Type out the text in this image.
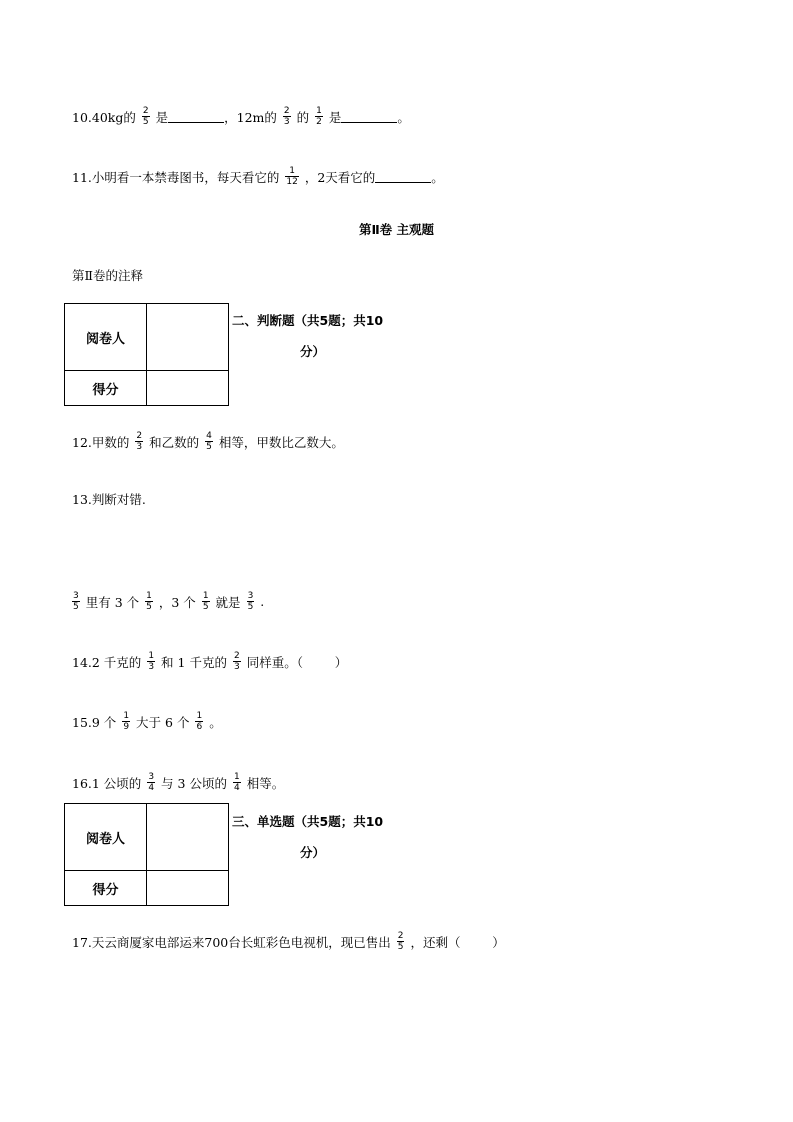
10.40kg的 $\frac{2}{5}$ 是	，12m的 $\frac{2}{3}$ 的 $\frac{1}{2}$ 是	。
11.小明看一本禁毒图书，每天看它的 $\frac{1}{12}$ ，2天看它的	。
第Ⅱ卷 主观题
第Ⅱ卷的注释
阅卷人	
得分	
二、判断题（共5题；共10
分）
12.甲数的 $\frac{2}{3}$ 和乙数的 $\frac{4}{5}$ 相等，甲数比乙数大。
13.判断对错.
$\frac{3}{5}$ 里有 3 个 $\frac{1}{5}$ ，3 个 $\frac{1}{5}$ 就是 $\frac{3}{5}$ .
14.2 千克的 $\frac{1}{3}$ 和 1 千克的 $\frac{2}{3}$ 同样重。（        ）
15.9 个 $\frac{1}{9}$ 大于 6 个 $\frac{1}{6}$ 。
16.1 公顷的 $\frac{3}{4}$ 与 3 公顷的 $\frac{1}{4}$ 相等。
阅卷人	
得分	
三、单选题（共5题；共10
分）
17.天云商厦家电部运来700台长虹彩色电视机，现已售出 $\frac{2}{5}$ ，还剩（        ）
